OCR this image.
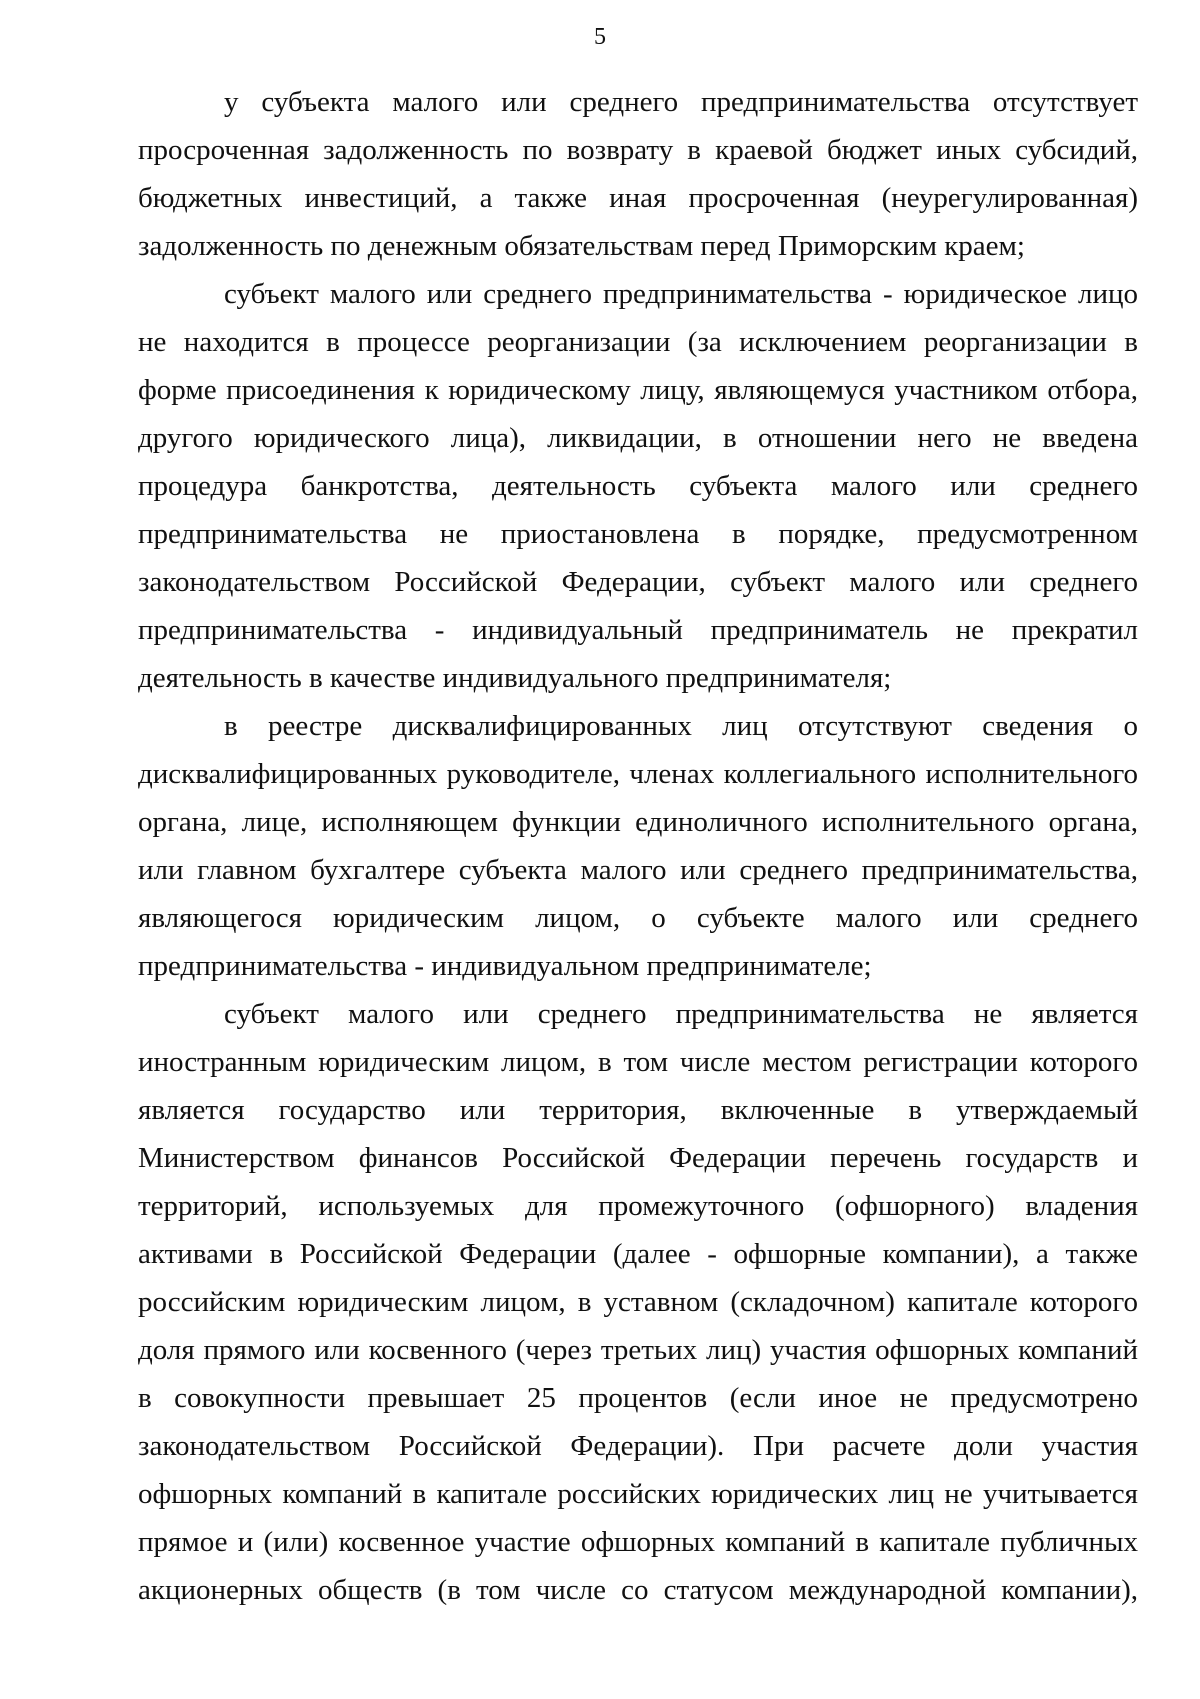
5
у субъекта малого или среднего предпринимательства отсутствует
просроченная задолженность по возврату в краевой бюджет иных субсидий,
бюджетных инвестиций, а также иная просроченная (неурегулированная)
задолженность по денежным обязательствам перед Приморским краем;
субъект малого или среднего предпринимательства - юридическое лицо
не находится в процессе реорганизации (за исключением реорганизации в
форме присоединения к юридическому лицу, являющемуся участником отбора,
другого юридического лица), ликвидации, в отношении него не введена
процедура банкротства, деятельность субъекта малого или среднего
предпринимательства не приостановлена в порядке, предусмотренном
законодательством Российской Федерации, субъект малого или среднего
предпринимательства - индивидуальный предприниматель не прекратил
деятельность в качестве индивидуального предпринимателя;
в реестре дисквалифицированных лиц отсутствуют сведения о
дисквалифицированных руководителе, членах коллегиального исполнительного
органа, лице, исполняющем функции единоличного исполнительного органа,
или главном бухгалтере субъекта малого или среднего предпринимательства,
являющегося юридическим лицом, о субъекте малого или среднего
предпринимательства - индивидуальном предпринимателе;
субъект малого или среднего предпринимательства не является
иностранным юридическим лицом, в том числе местом регистрации которого
является государство или территория, включенные в утверждаемый
Министерством финансов Российской Федерации перечень государств и
территорий, используемых для промежуточного (офшорного) владения
активами в Российской Федерации (далее - офшорные компании), а также
российским юридическим лицом, в уставном (складочном) капитале которого
доля прямого или косвенного (через третьих лиц) участия офшорных компаний
в совокупности превышает 25 процентов (если иное не предусмотрено
законодательством Российской Федерации). При расчете доли участия
офшорных компаний в капитале российских юридических лиц не учитывается
прямое и (или) косвенное участие офшорных компаний в капитале публичных
акционерных обществ (в том числе со статусом международной компании),
